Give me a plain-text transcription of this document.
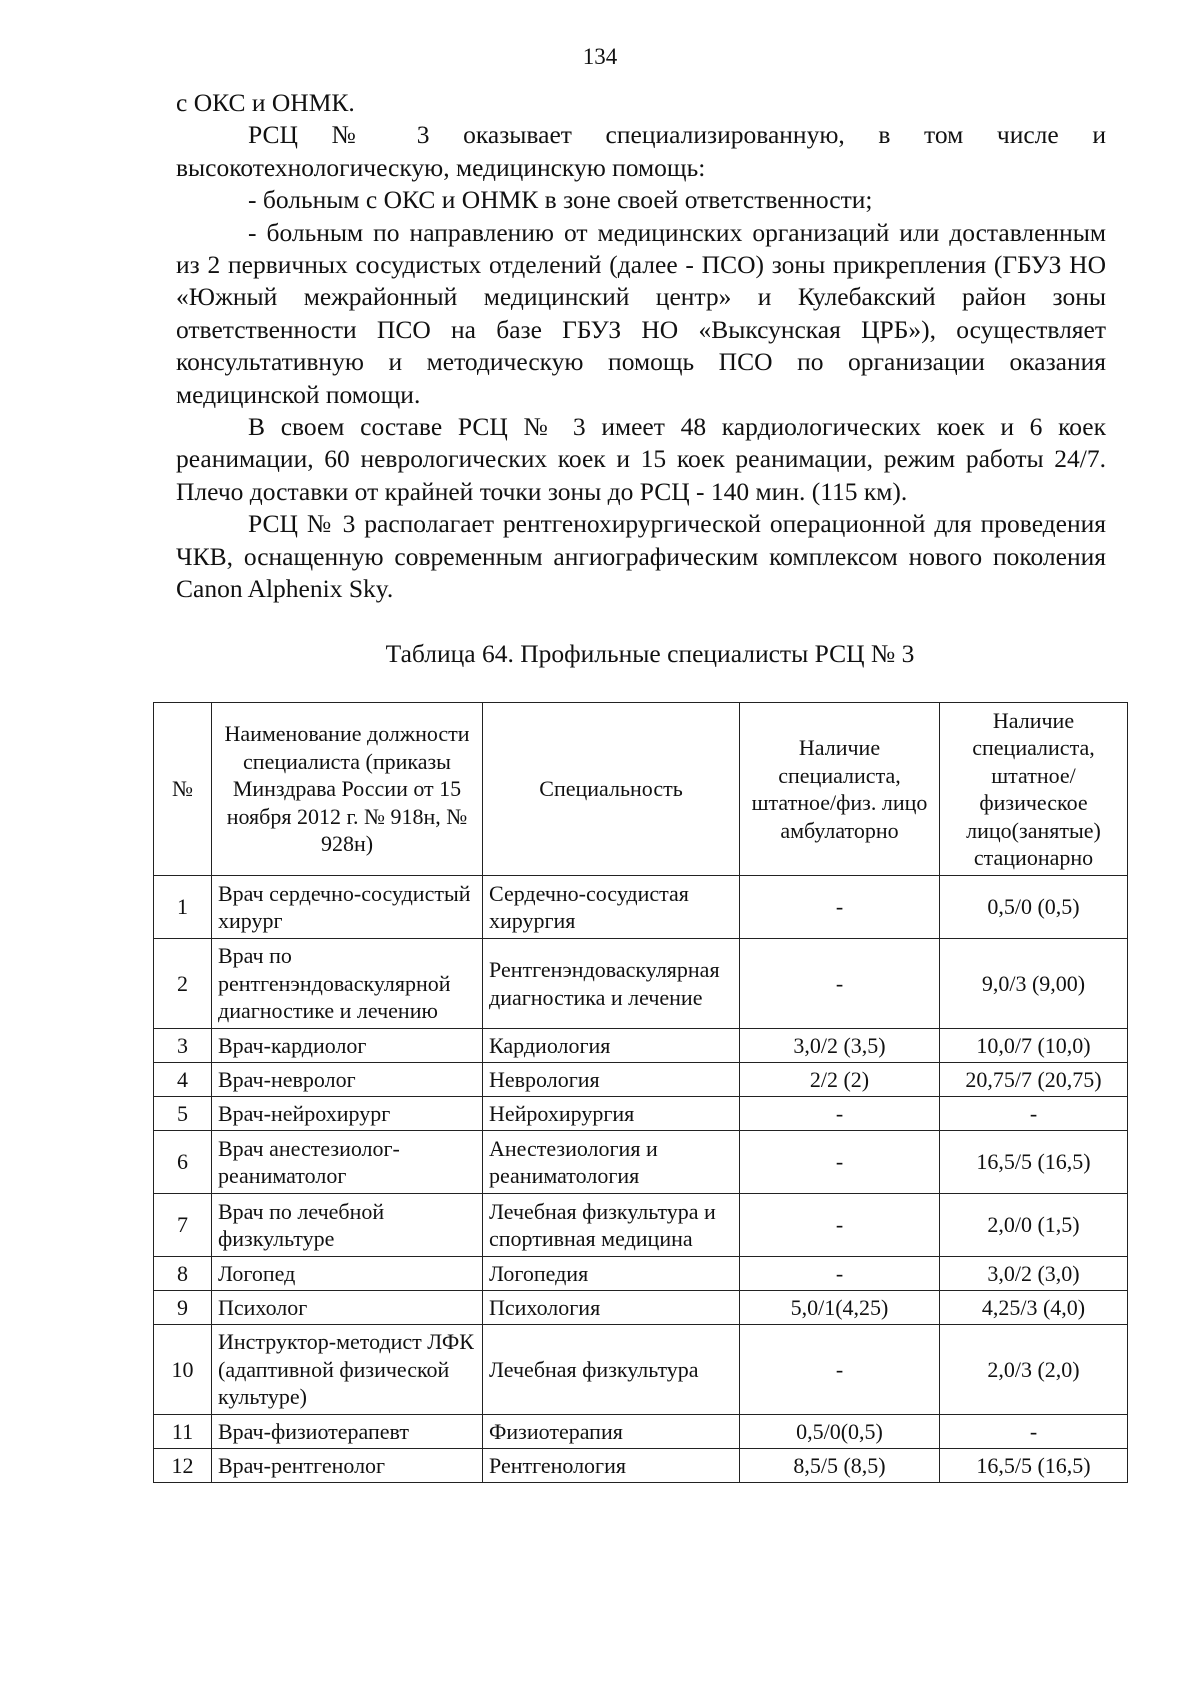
134

с ОКС и ОНМК.

РСЦ № 3 оказывает специализированную, в том числе и высокотехнологическую, медицинскую помощь:

- больным с ОКС и ОНМК в зоне своей ответственности;

- больным по направлению от медицинских организаций или доставленным из 2 первичных сосудистых отделений (далее - ПСО) зоны прикрепления (ГБУЗ НО «Южный межрайонный медицинский центр» и Кулебакский район зоны ответственности ПСО на базе ГБУЗ НО «Выксунская ЦРБ»), осуществляет консультативную и методическую помощь ПСО по организации оказания медицинской помощи.

В своем составе РСЦ № 3 имеет 48 кардиологических коек и 6 коек реанимации, 60 неврологических коек и 15 коек реанимации, режим работы 24/7. Плечо доставки от крайней точки зоны до РСЦ - 140 мин. (115 км).

РСЦ № 3 располагает рентгенохирургической операционной для проведения ЧКВ, оснащенную современным ангиографическим комплексом нового поколения Canon Alphenix Sky.

Таблица 64. Профильные специалисты РСЦ № 3
№	Наименование должности специалиста (приказы Минздрава России от 15 ноября 2012 г. № 918н, № 928н)	Специальность	Наличие специалиста, штатное/физ. лицо амбулаторно	Наличие специалиста, штатное/физическое лицо(занятые) стационарно
1	Врач сердечно-сосудистый хирург	Сердечно-сосудистая хирургия	-	0,5/0 (0,5)
2	Врач по рентгенэндоваскулярной диагностике и лечению	Рентгенэндоваскулярная диагностика и лечение	-	9,0/3 (9,00)
3	Врач-кардиолог	Кардиология	3,0/2 (3,5)	10,0/7 (10,0)
4	Врач-невролог	Неврология	2/2 (2)	20,75/7 (20,75)
5	Врач-нейрохирург	Нейрохирургия	-	-
6	Врач анестезиолог-реаниматолог	Анестезиология и реаниматология	-	16,5/5 (16,5)
7	Врач по лечебной физкультуре	Лечебная физкультура и спортивная медицина	-	2,0/0 (1,5)
8	Логопед	Логопедия	-	3,0/2 (3,0)
9	Психолог	Психология	5,0/1(4,25)	4,25/3 (4,0)
10	Инструктор-методист ЛФК (адаптивной физической культуре)	Лечебная физкультура	-	2,0/3 (2,0)
11	Врач-физиотерапевт	Физиотерапия	0,5/0(0,5)	-
12	Врач-рентгенолог	Рентгенология	8,5/5 (8,5)	16,5/5 (16,5)
